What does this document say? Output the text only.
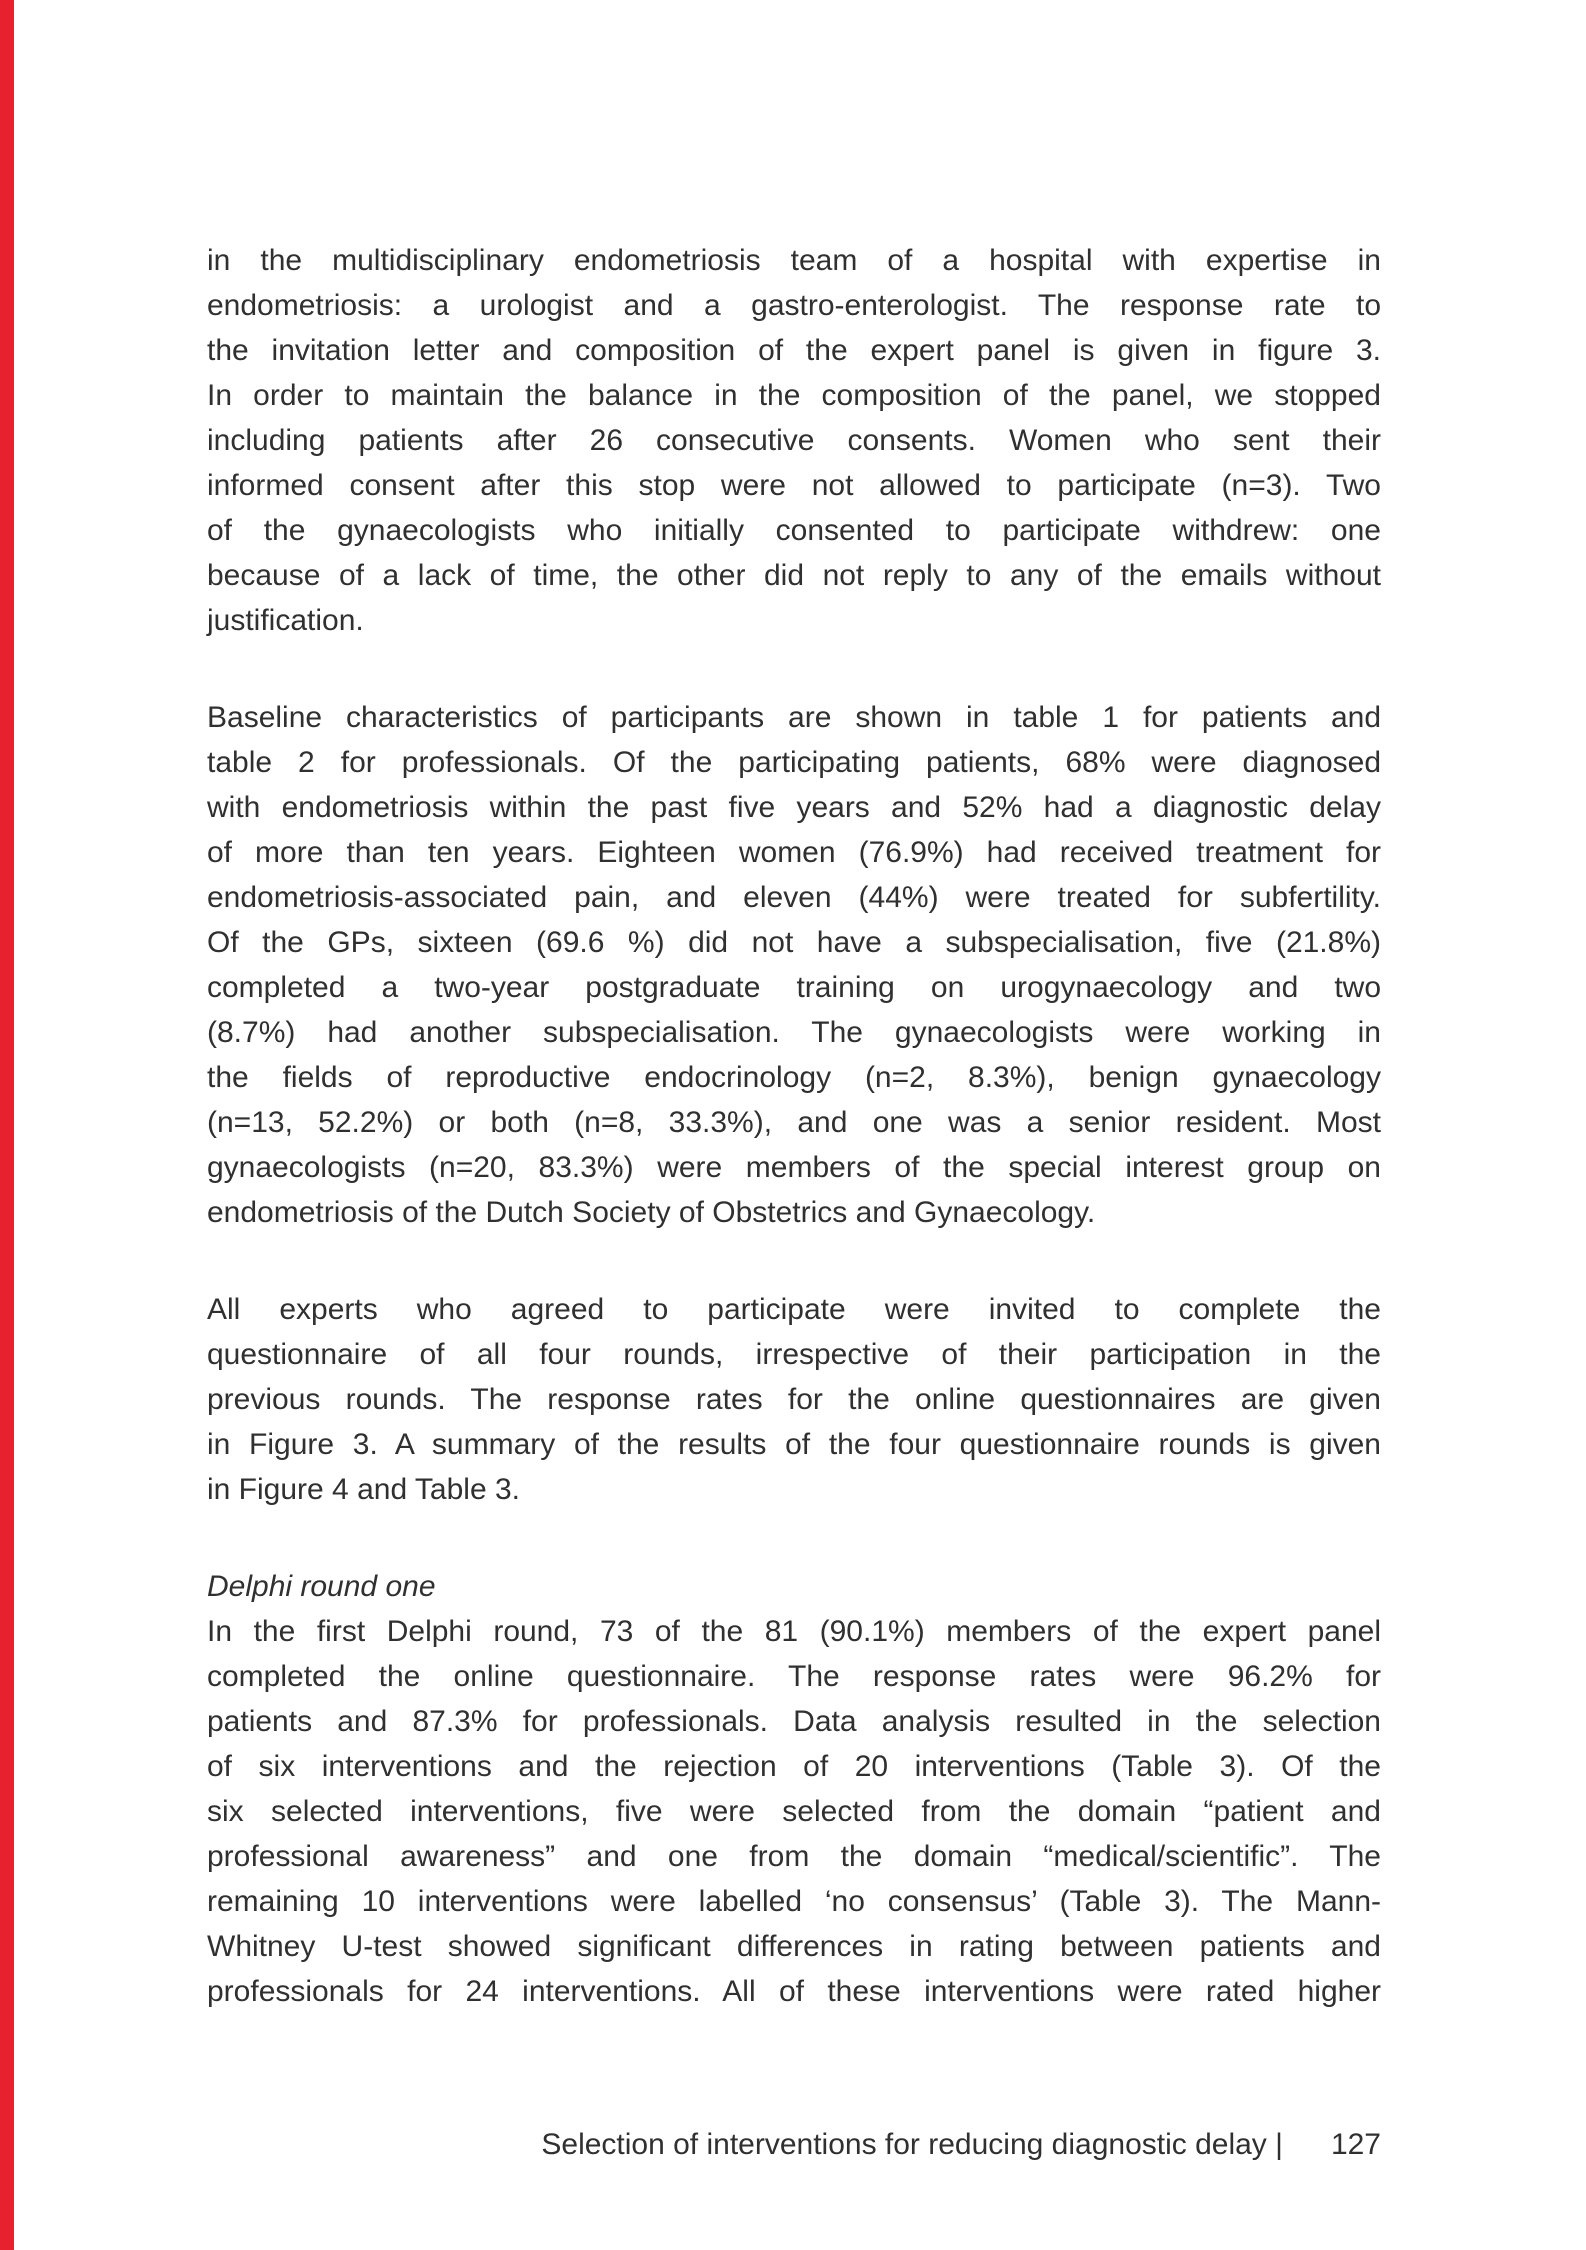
in the multidisciplinary endometriosis team of a hospital with expertise in
endometriosis: a urologist and a gastro-enterologist. The response rate to
the invitation letter and composition of the expert panel is given in figure 3.
In order to maintain the balance in the composition of the panel, we stopped
including patients after 26 consecutive consents. Women who sent their
informed consent after this stop were not allowed to participate (n=3). Two
of the gynaecologists who initially consented to participate withdrew: one
because of a lack of time, the other did not reply to any of the emails without
justification.
Baseline characteristics of participants are shown in table 1 for patients and
table 2 for professionals. Of the participating patients, 68% were diagnosed
with endometriosis within the past five years and 52% had a diagnostic delay
of more than ten years. Eighteen women (76.9%) had received treatment for
endometriosis-associated pain, and eleven (44%) were treated for subfertility.
Of the GPs, sixteen (69.6 %) did not have a subspecialisation, five (21.8%)
completed a two-year postgraduate training on urogynaecology and two
(8.7%) had another subspecialisation. The gynaecologists were working in
the fields of reproductive endocrinology (n=2, 8.3%), benign gynaecology
(n=13, 52.2%) or both (n=8, 33.3%), and one was a senior resident. Most
gynaecologists (n=20, 83.3%) were members of the special interest group on
endometriosis of the Dutch Society of Obstetrics and Gynaecology.
All experts who agreed to participate were invited to complete the
questionnaire of all four rounds, irrespective of their participation in the
previous rounds. The response rates for the online questionnaires are given
in Figure 3. A summary of the results of the four questionnaire rounds is given
in Figure 4 and Table 3.
Delphi round one
In the first Delphi round, 73 of the 81 (90.1%) members of the expert panel
completed the online questionnaire. The response rates were 96.2% for
patients and 87.3% for professionals. Data analysis resulted in the selection
of six interventions and the rejection of 20 interventions (Table 3). Of the
six selected interventions, five were selected from the domain “patient and
professional awareness” and one from the domain “medical/scientific”. The
remaining 10 interventions were labelled ‘no consensus’ (Table 3). The Mann-
Whitney U-test showed significant differences in rating between patients and
professionals for 24 interventions. All of these interventions were rated higher
Selection of interventions for reducing diagnostic delay | 127
